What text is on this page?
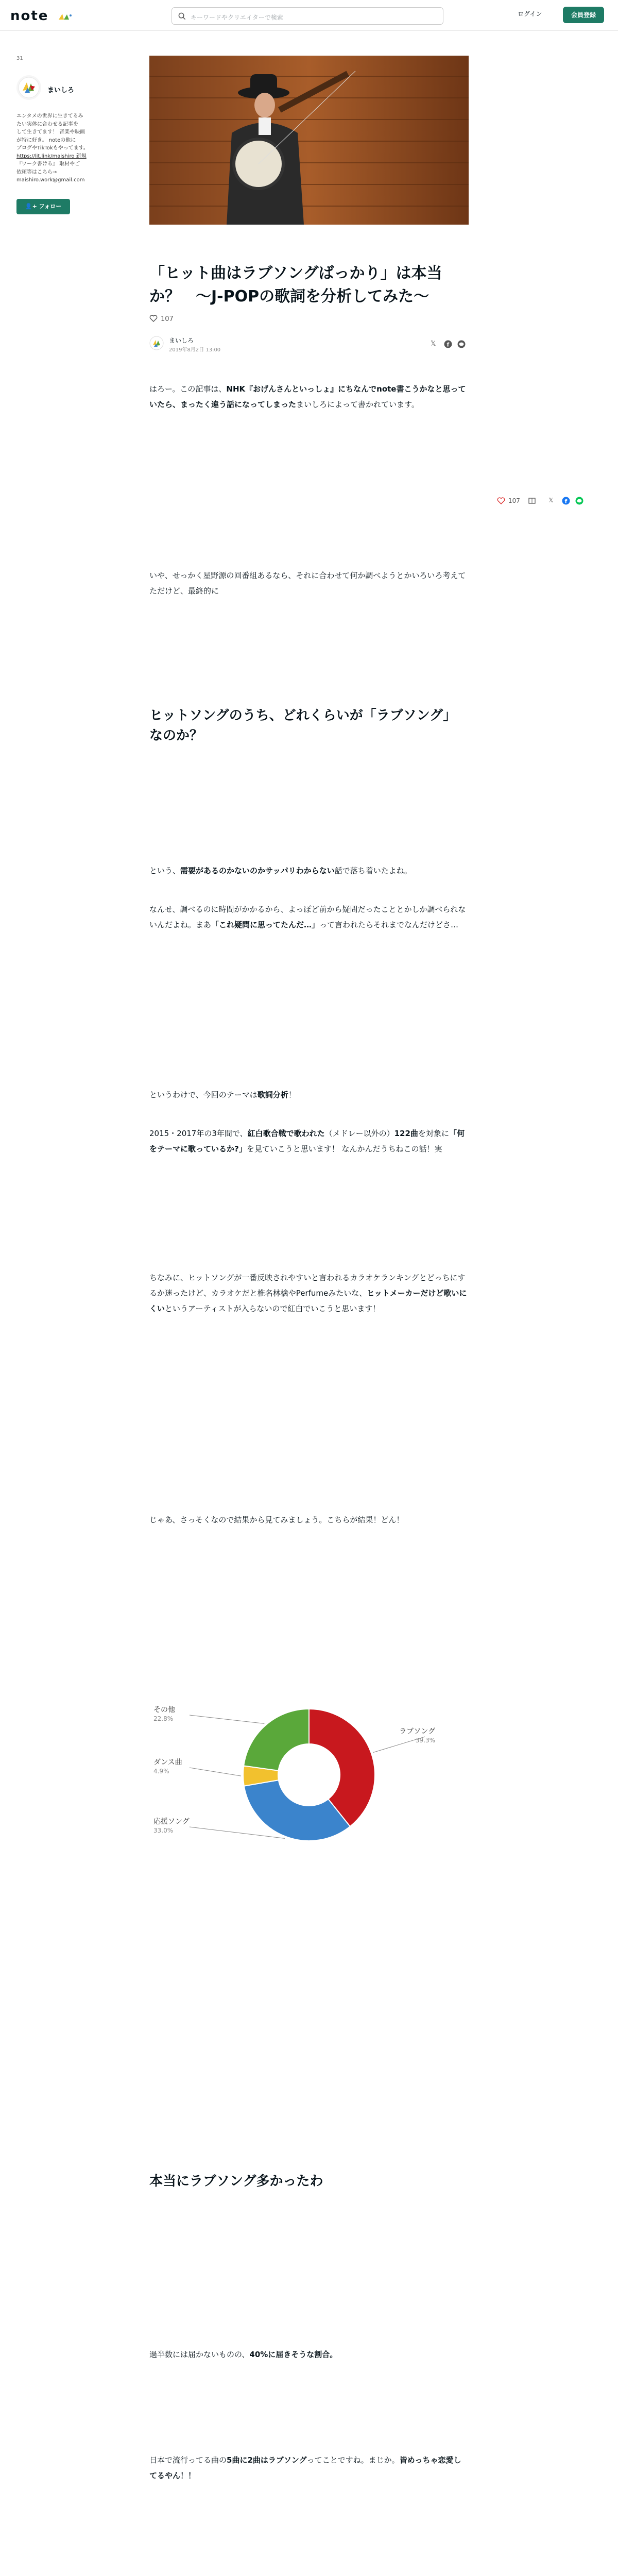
note	キーワードやクリエイターで検索	ログイン	会員登録
31
まいしろ
エンタメの世界に生きてるみ
たい実体に合わせる記事を
して生きてます！ 音楽や映画
が特に好き。 noteの他に
ブログやTikTokもやってます。
https://lit.link/maishiro 新規
『ワーク書ける』 取材やご
依頼等はこちら→ maishiro.work@gmail.com
👤+ フォロー
「ヒット曲はラブソングばっかり」は本当か？　〜J-POPの歌詞を分析してみた〜
107
まいしろ
2019年8月2日 13:00
𝕏 f
はろー。この記事は、NHK『おげんさんといっしょ』にちなんでnote書こうかなと思っていたら、まったく違う話になってしまったまいしろによって書かれています。
いや、せっかく星野源の回番組あるなら、それに合わせて何か調べようとかいろいろ考えてただけど、最終的に
ヒットソングのうち、どれくらいが「ラブソング」なのか？
という、需要があるのかないのかサッパリわからない話で落ち着いたよね。
なんせ、調べるのに時間がかかるから、よっぽど前から疑問だったこととかしか調べられないんだよね。まあ「これ疑問に思ってたんだ…」って言われたらそれまでなんだけどさ…
というわけで、今回のテーマは歌詞分析！
2015・2017年の3年間で、紅白歌合戦で歌われた（メドレー以外の）122曲を対象に「何をテーマに歌っているか?」を見ていこうと思います！ なんかんだうちねこの話！実
ちなみに、ヒットソングが一番反映されやすいと言われるカラオケランキングとどっちにするか迷ったけど、カラオケだと椎名林檎やPerfumeみたいな、ヒットメーカーだけど歌いにくいというアーティストが入らないので紅白でいこうと思います！
じゃあ、さっそくなので結果から見てみましょう。こちらが結果！どん！
ラブソング
39.3%
応援ソング
33.0%
ダンス曲
4.9%
その他
22.8%
本当にラブソング多かったわ
過半数には届かないものの、40%に届きそうな割合。
日本で流行ってる曲の5曲に2曲はラブソングってことですね。まじか。皆めっちゃ恋愛してるやん！！
107	𝕏 f
